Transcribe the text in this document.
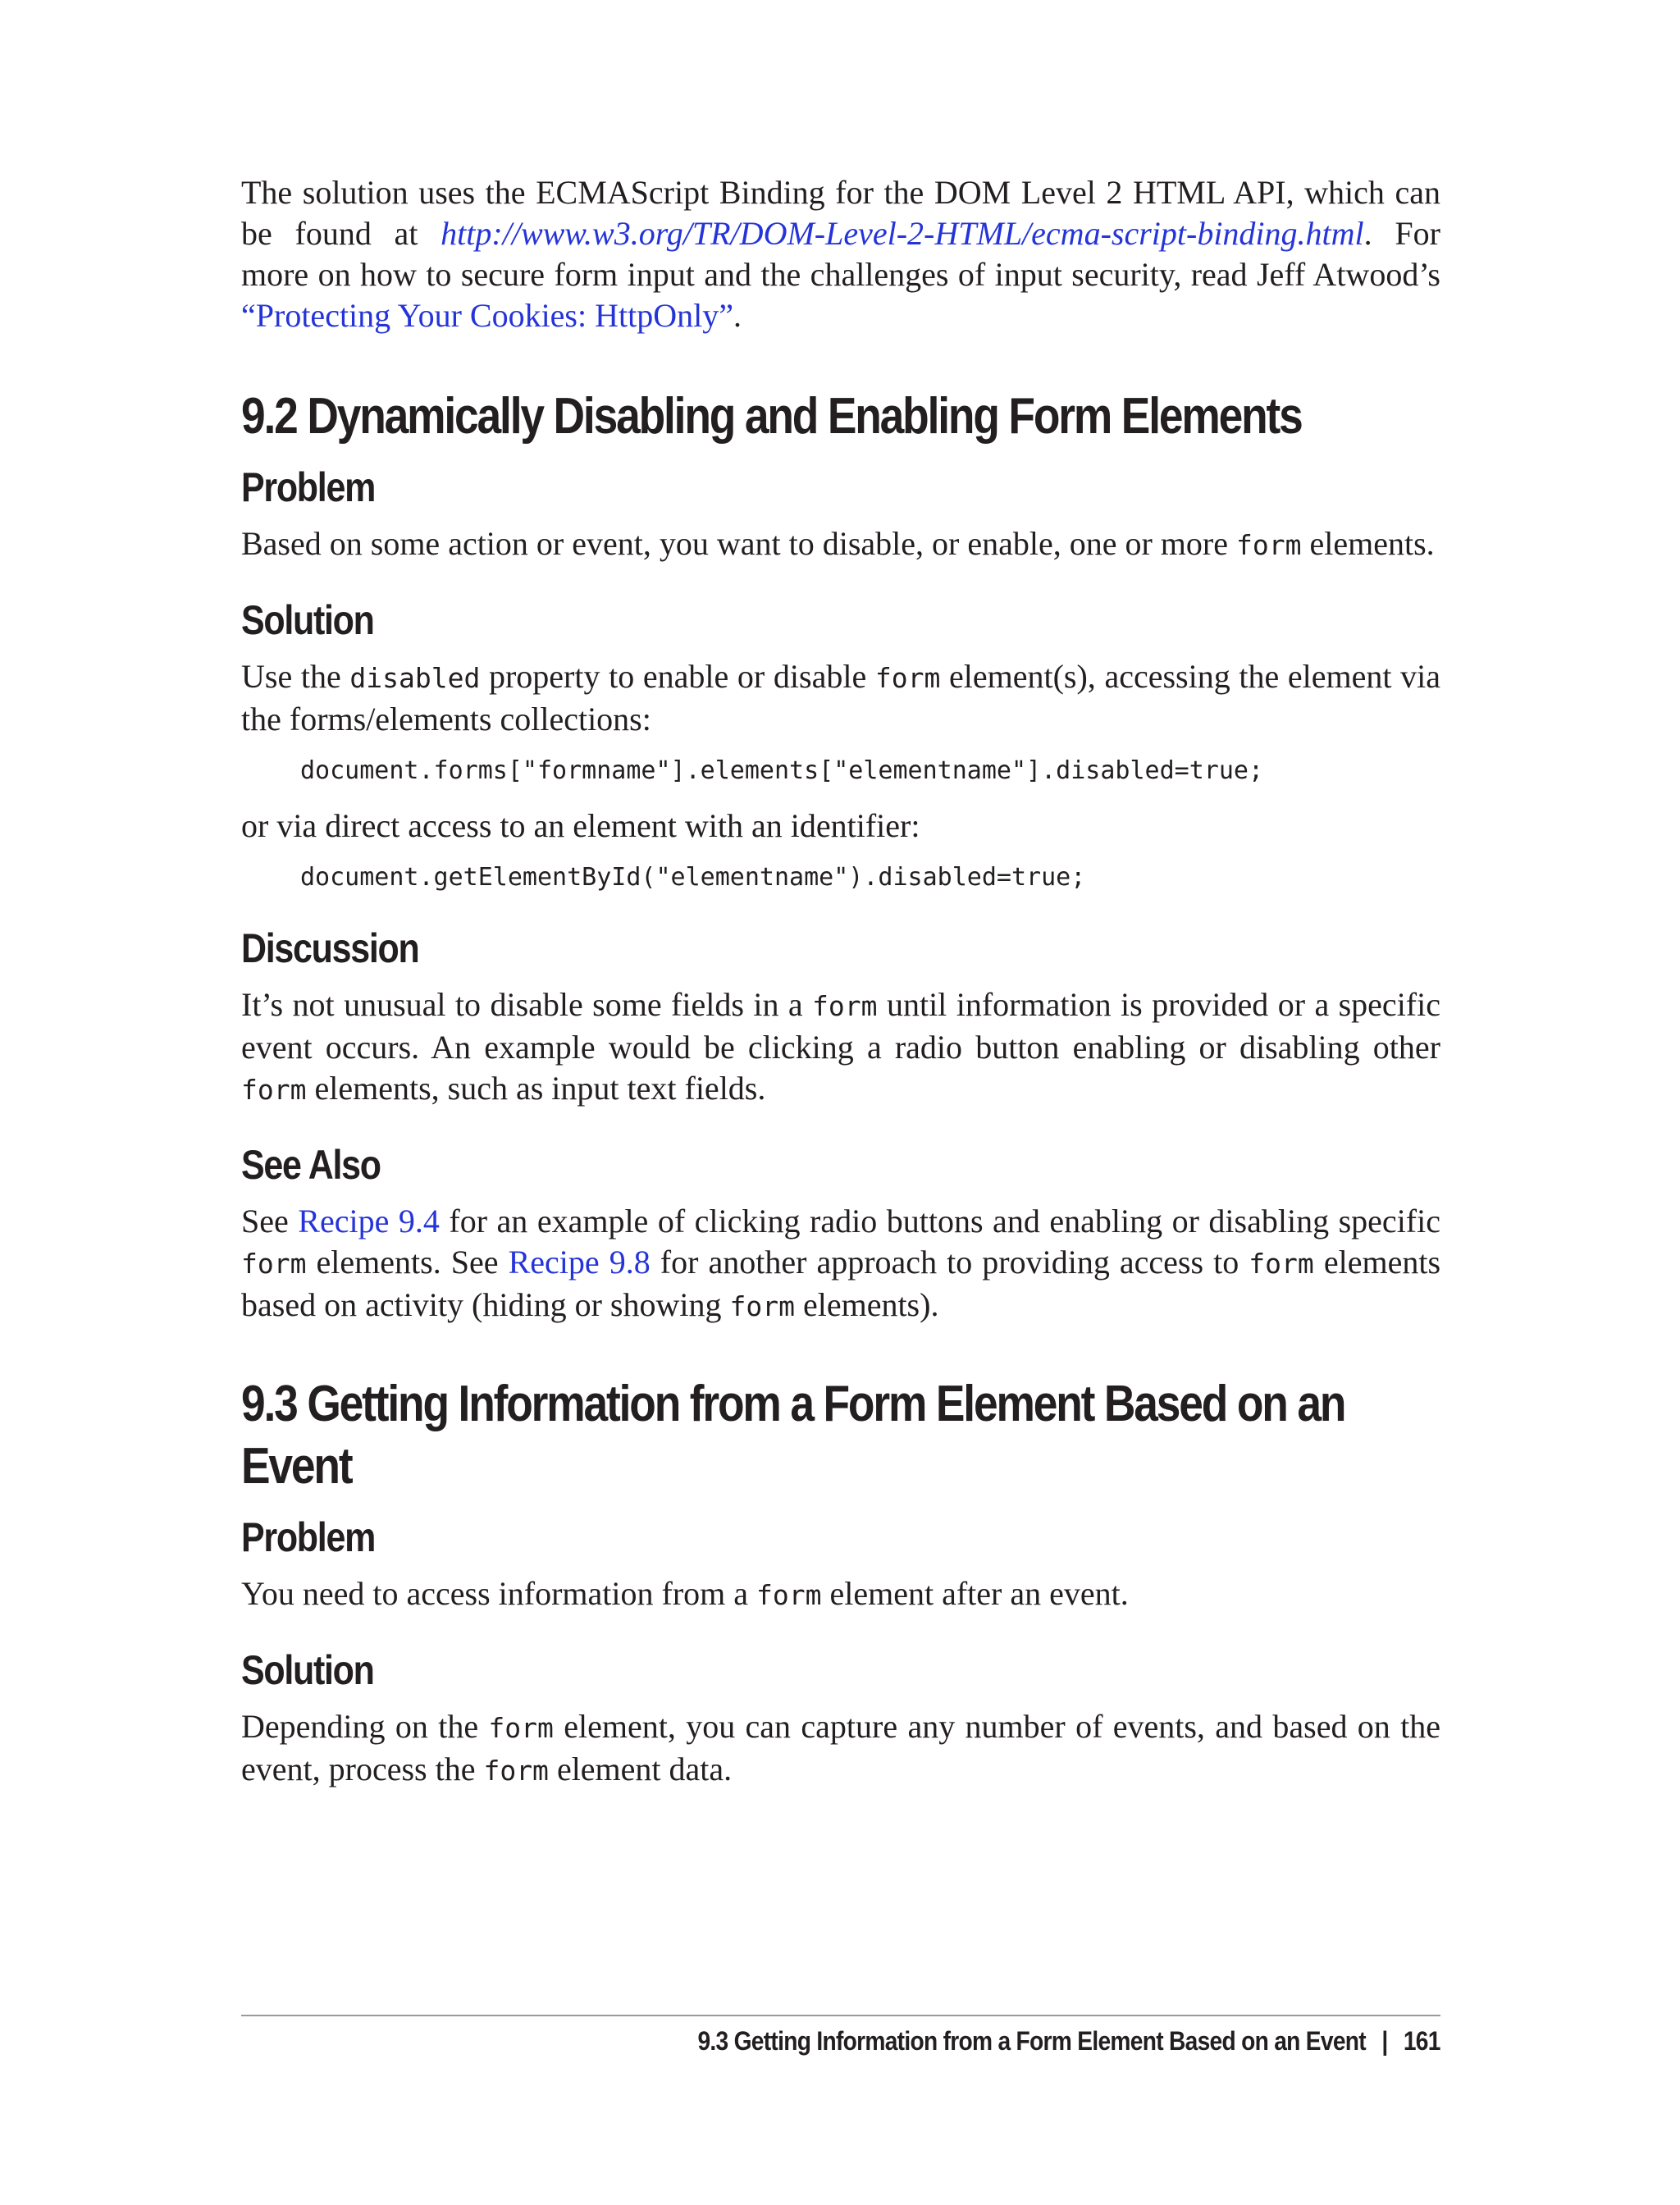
The solution uses the ECMAScript Binding for the DOM Level 2 HTML API, which can be found at http://www.w3.org/TR/DOM-Level-2-HTML/ecma-script-binding.html. For more on how to secure form input and the challenges of input security, read Jeff Atwood’s “Protecting Your Cookies: HttpOnly”.

9.2 Dynamically Disabling and Enabling Form Elements
Problem

Based on some action or event, you want to disable, or enable, one or more form elements.

Solution

Use the disabled property to enable or disable form element(s), accessing the element via the forms/elements collections:

document.forms["formname"].elements["elementname"].disabled=true;

or via direct access to an element with an identifier:

document.getElementById("elementname").disabled=true;
Discussion

It’s not unusual to disable some fields in a form until information is provided or a specific event occurs. An example would be clicking a radio button enabling or disabling other form elements, such as input text fields.

See Also

See Recipe 9.4 for an example of clicking radio buttons and enabling or disabling specific form elements. See Recipe 9.8 for another approach to providing access to form elements based on activity (hiding or showing form elements).

9.3 Getting Information from a Form Element Based on an Event
Problem

You need to access information from a form element after an event.

Solution

Depending on the form element, you can capture any number of events, and based on the event, process the form element data.

9.3 Getting Information from a Form Element Based on an Event | 161
